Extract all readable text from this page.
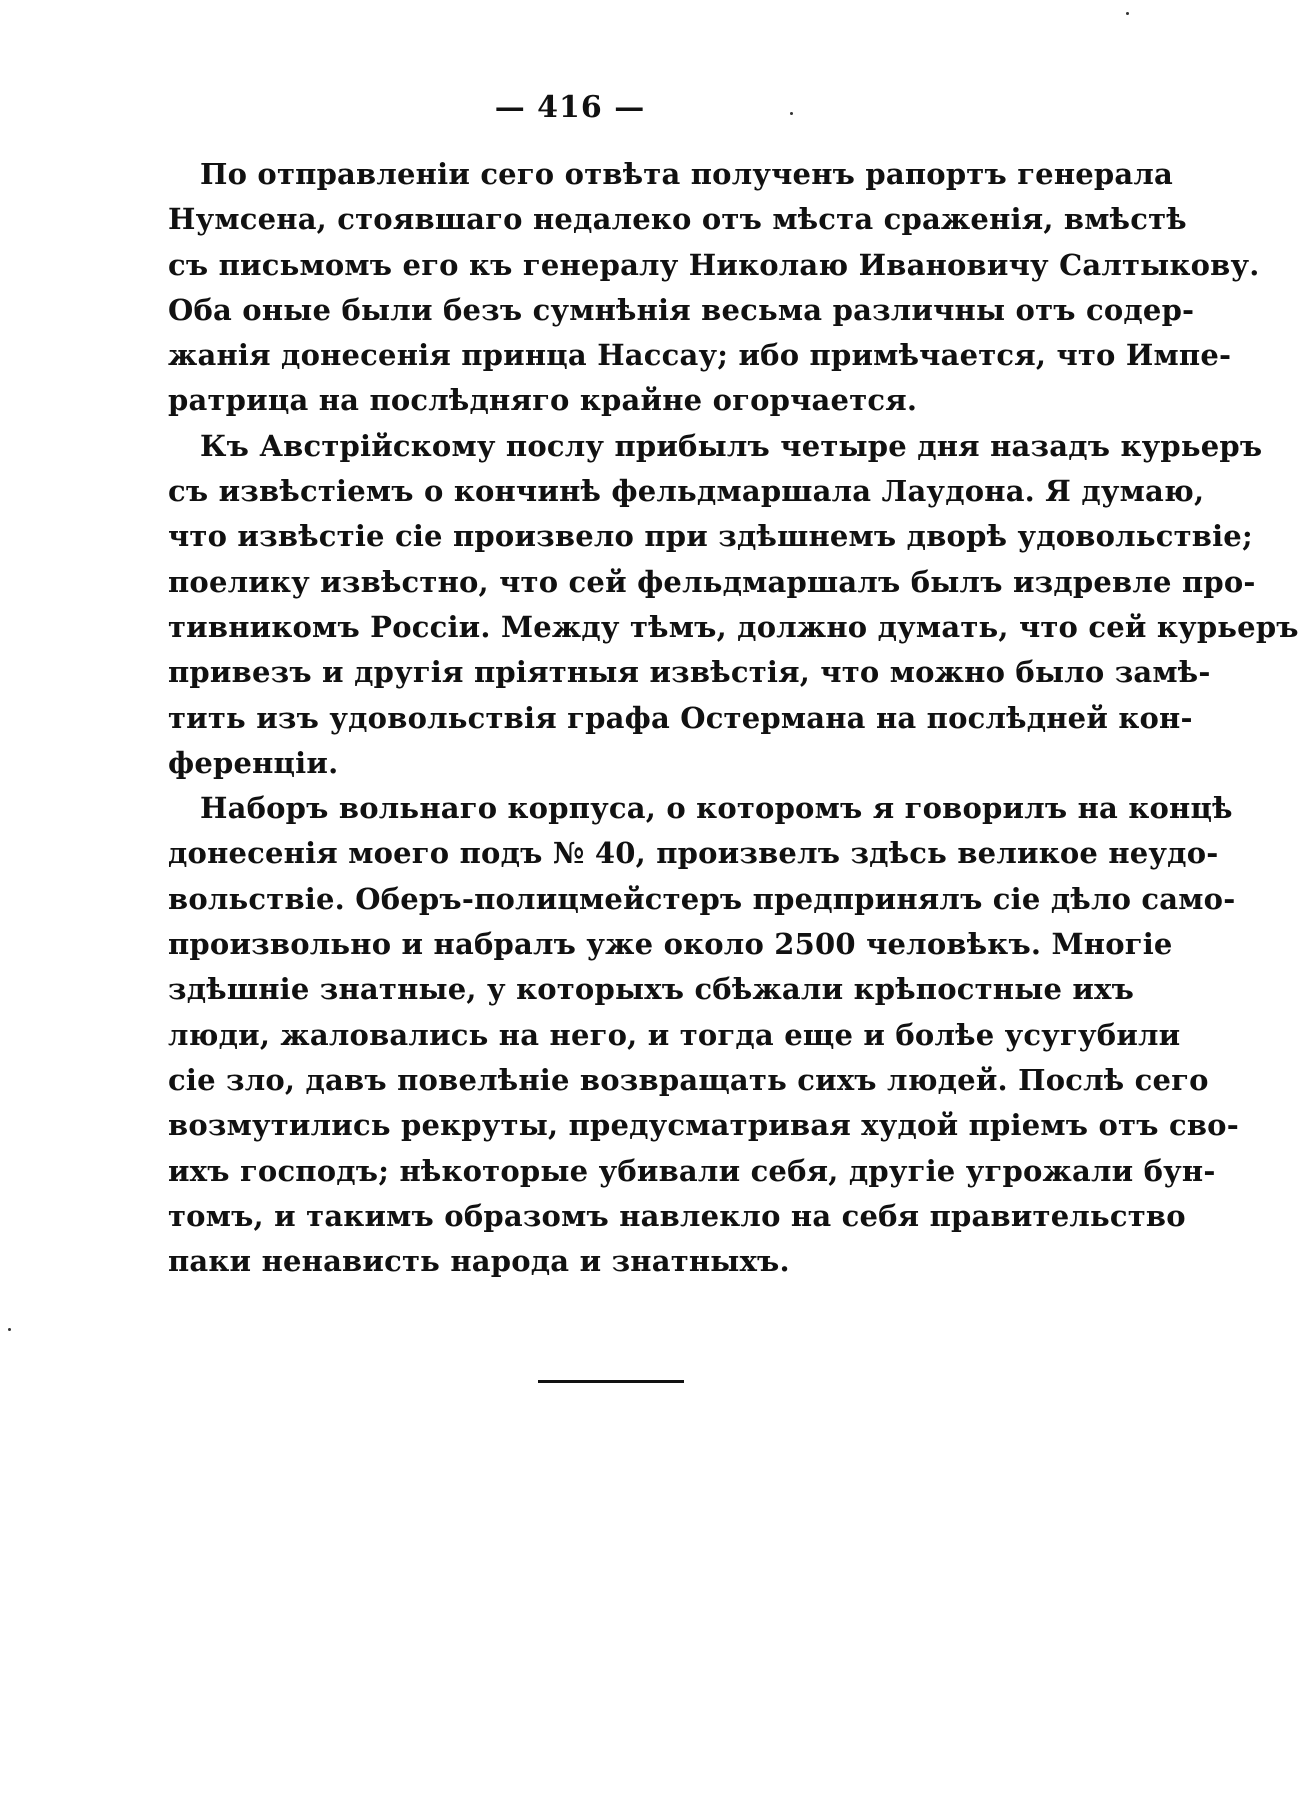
— 416 —
По отправленіи сего отвѣта полученъ рапортъ генерала
Нумсена, стоявшаго недалеко отъ мѣста сраженія, вмѣстѣ
съ письмомъ его къ генералу Николаю Ивановичу Салтыкову.
Оба оные были безъ сумнѣнія весьма различны отъ содер-
жанія донесенія принца Нассау; ибо примѣчается, что Импе-
ратрица на послѣдняго крайне огорчается.
Къ Австрійскому послу прибылъ четыре дня назадъ курьеръ
съ извѣстіемъ о кончинѣ фельдмаршала Лаудона. Я думаю,
что извѣстіе сіе произвело при здѣшнемъ дворѣ удовольствіе;
поелику извѣстно, что сей фельдмаршалъ былъ издревле про-
тивникомъ Россіи. Между тѣмъ, должно думать, что сей курьеръ
привезъ и другія пріятныя извѣстія, что можно было замѣ-
тить изъ удовольствія графа Остермана на послѣдней кон-
ференціи.
Наборъ вольнаго корпуса, о которомъ я говорилъ на концѣ
донесенія моего подъ № 40, произвелъ здѣсь великое неудо-
вольствіе. Оберъ-полицмейстеръ предпринялъ сіе дѣло само-
произвольно и набралъ уже около 2500 человѣкъ. Многіе
здѣшніе знатные, у которыхъ сбѣжали крѣпостные ихъ
люди, жаловались на него, и тогда еще и болѣе усугубили
сіе зло, давъ повелѣніе возвращать сихъ людей. Послѣ сего
возмутились рекруты, предусматривая худой пріемъ отъ сво-
ихъ господъ; нѣкоторые убивали себя, другіе угрожали бун-
томъ, и такимъ образомъ навлекло на себя правительство
паки ненависть народа и знатныхъ.
